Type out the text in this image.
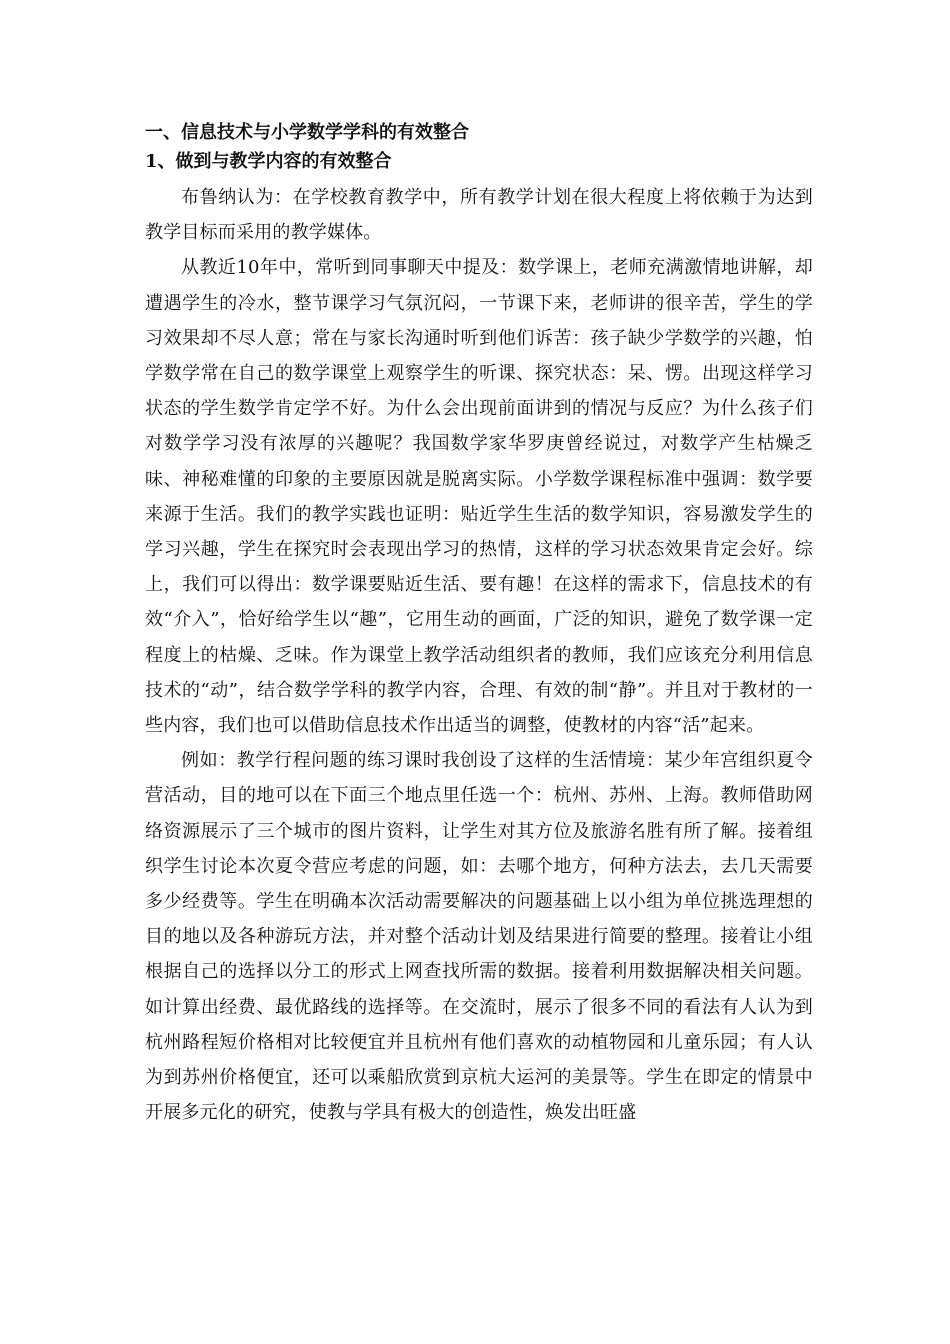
一、信息技术与小学数学学科的有效整合
1、做到与教学内容的有效整合

布鲁纳认为：在学校教育教学中，所有教学计划在很大程度上将依赖于为达到教学目标而采用的教学媒体。

从教近10年中，常听到同事聊天中提及：数学课上，老师充满激情地讲解，却遭遇学生的冷水，整节课学习气氛沉闷，一节课下来，老师讲的很辛苦，学生的学习效果却不尽人意；常在与家长沟通时听到他们诉苦：孩子缺少学数学的兴趣，怕学数学常在自己的数学课堂上观察学生的听课、探究状态：呆、愣。出现这样学习状态的学生数学肯定学不好。为什么会出现前面讲到的情况与反应？为什么孩子们对数学学习没有浓厚的兴趣呢？我国数学家华罗庚曾经说过，对数学产生枯燥乏味、神秘难懂的印象的主要原因就是脱离实际。小学数学课程标准中强调：数学要来源于生活。我们的教学实践也证明：贴近学生生活的数学知识，容易激发学生的学习兴趣，学生在探究时会表现出学习的热情，这样的学习状态效果肯定会好。综上，我们可以得出：数学课要贴近生活、要有趣！在这样的需求下，信息技术的有效“介入”，恰好给学生以“趣”，它用生动的画面，广泛的知识，避免了数学课一定程度上的枯燥、乏味。作为课堂上教学活动组织者的教师，我们应该充分利用信息技术的“动”，结合数学学科的教学内容，合理、有效的制“静”。并且对于教材的一些内容，我们也可以借助信息技术作出适当的调整，使教材的内容“活”起来。

例如：教学行程问题的练习课时我创设了这样的生活情境：某少年宫组织夏令营活动，目的地可以在下面三个地点里任选一个：杭州、苏州、上海。教师借助网络资源展示了三个城市的图片资料，让学生对其方位及旅游名胜有所了解。接着组织学生讨论本次夏令营应考虑的问题，如：去哪个地方，何种方法去，去几天需要多少经费等。学生在明确本次活动需要解决的问题基础上以小组为单位挑选理想的目的地以及各种游玩方法，并对整个活动计划及结果进行简要的整理。接着让小组根据自己的选择以分工的形式上网查找所需的数据。接着利用数据解决相关问题。如计算出经费、最优路线的选择等。在交流时，展示了很多不同的看法有人认为到杭州路程短价格相对比较便宜并且杭州有他们喜欢的动植物园和儿童乐园；有人认为到苏州价格便宜，还可以乘船欣赏到京杭大运河的美景等。学生在即定的情景中开展多元化的研究，使教与学具有极大的创造性，焕发出旺盛
